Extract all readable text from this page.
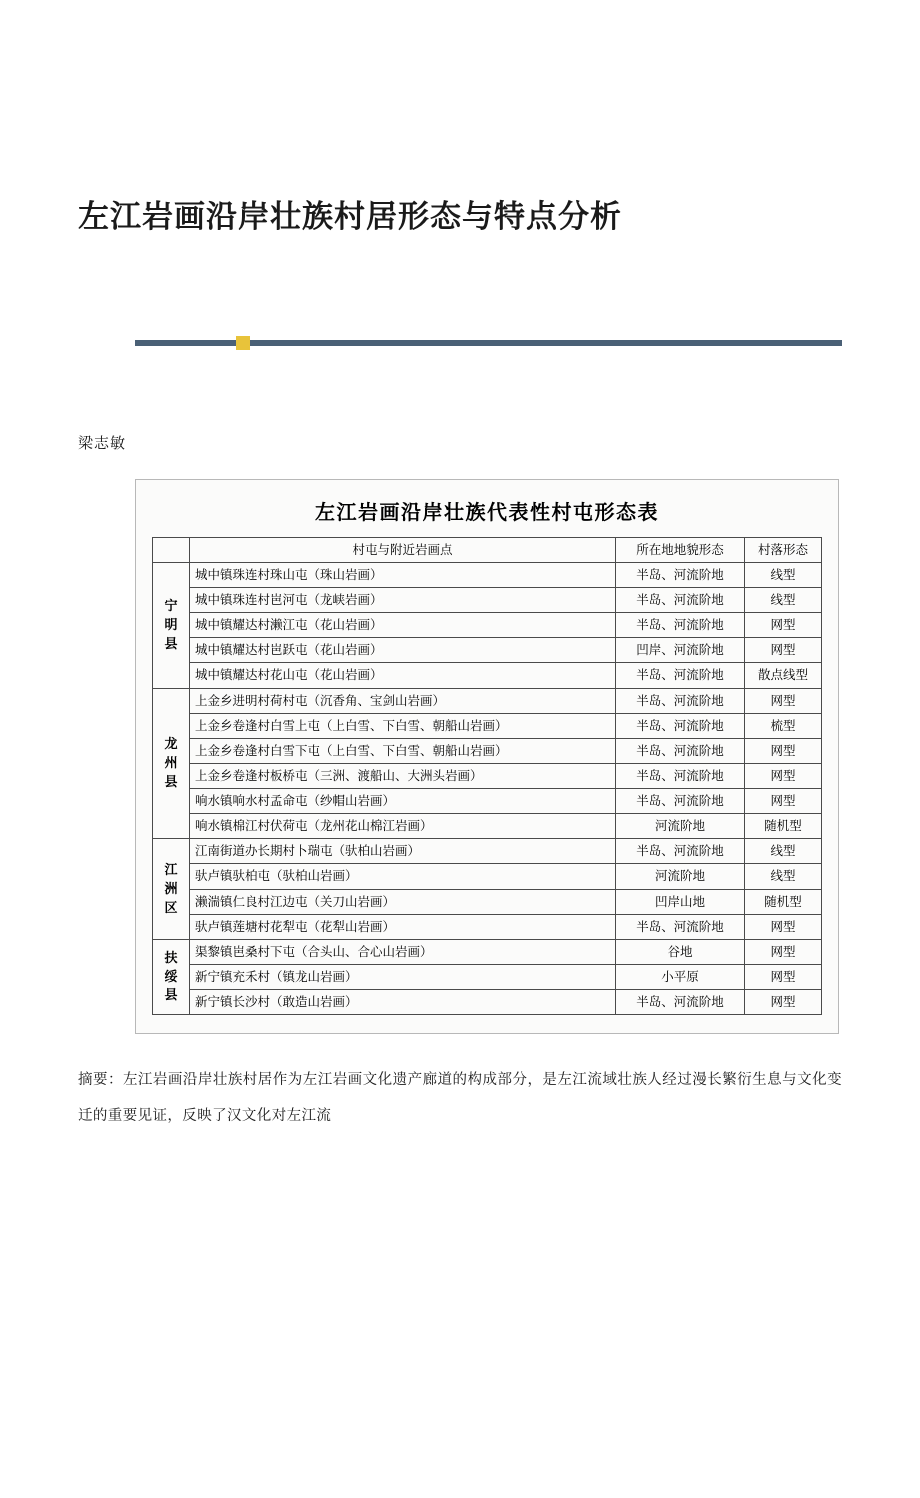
左江岩画沿岸壮族村居形态与特点分析
梁志敏
左江岩画沿岸壮族代表性村屯形态表
	村屯与附近岩画点	所在地地貌形态	村落形态
宁
明
县	城中镇珠连村珠山屯（珠山岩画）	半岛、河流阶地	线型
	城中镇珠连村岜河屯（龙峡岩画）	半岛、河流阶地	线型
	城中镇耀达村濑江屯（花山岩画）	半岛、河流阶地	网型
	城中镇耀达村岜跃屯（花山岩画）	凹岸、河流阶地	网型
	城中镇耀达村花山屯（花山岩画）	半岛、河流阶地	散点线型
龙
州
县	上金乡进明村荷村屯（沉香角、宝剑山岩画）	半岛、河流阶地	网型
	上金乡卷逢村白雪上屯（上白雪、下白雪、朝船山岩画）	半岛、河流阶地	梳型
	上金乡卷逢村白雪下屯（上白雪、下白雪、朝船山岩画）	半岛、河流阶地	网型
	上金乡卷逢村板桥屯（三洲、渡船山、大洲头岩画）	半岛、河流阶地	网型
	响水镇响水村孟命屯（纱帽山岩画）	半岛、河流阶地	网型
	响水镇棉江村伏荷屯（龙州花山棉江岩画）	河流阶地	随机型
江
洲
区	江南街道办长期村卜瑞屯（驮柏山岩画）	半岛、河流阶地	线型
	驮卢镇驮柏屯（驮柏山岩画）	河流阶地	线型
	濑湍镇仁良村江边屯（关刀山岩画）	凹岸山地	随机型
	驮卢镇莲塘村花犁屯（花犁山岩画）	半岛、河流阶地	网型
扶
绥
县	渠黎镇岜桑村下屯（合头山、合心山岩画）	谷地	网型
	新宁镇充禾村（镇龙山岩画）	小平原	网型
	新宁镇长沙村（敢造山岩画）	半岛、河流阶地	网型
摘要：左江岩画沿岸壮族村居作为左江岩画文化遗产廊道的构成部分，是左江流域壮族人经过漫长繁衍生息与文化变迁的重要见证，反映了汉文化对左江流
